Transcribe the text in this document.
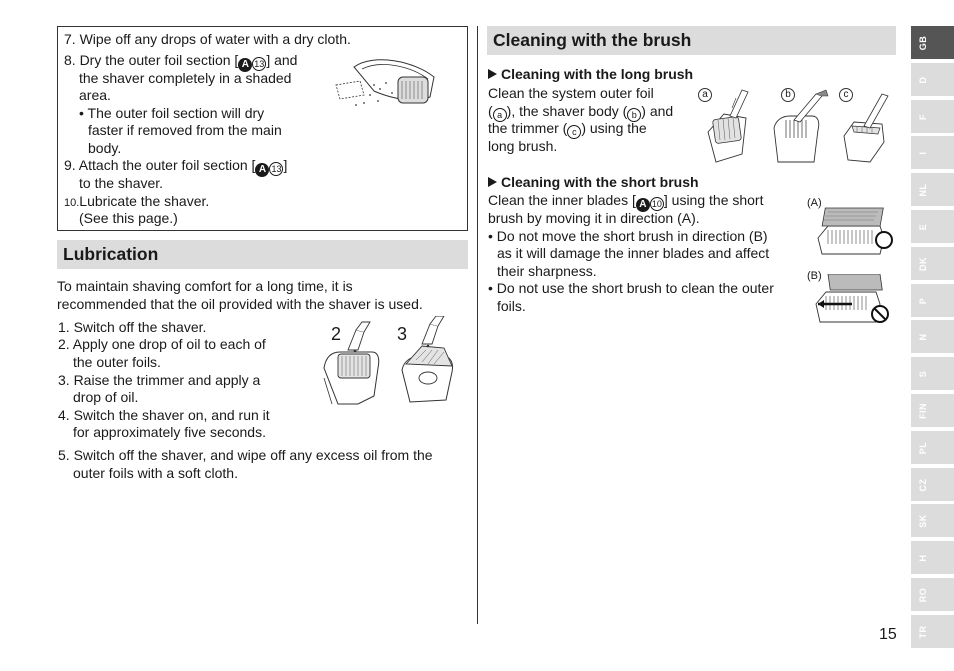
7. Wipe off any drops of water with a dry cloth.
8. Dry the outer foil section [ A 13 ] and
the shaver completely in a shaded
area.
• The outer foil section will dry
faster if removed from the main
body.
9. Attach the outer foil section [ A 13 ]
to the shaver.
10.Lubricate the shaver.
(See this page.)
Lubrication
To maintain shaving comfort for a long time, it is
recommended that the oil provided with the shaver is used.
1. Switch off the shaver.
2. Apply one drop of oil to each of
the outer foils.
3. Raise the trimmer and apply a
drop of oil.
4. Switch the shaver on, and run it
for approximately five seconds.
5. Switch off the shaver, and wipe off any excess oil from the
outer foils with a soft cloth.
2	3
Cleaning with the brush
Cleaning with the long brush
Clean the system outer foil
( a ), the shaver body ( b ) and
the trimmer ( c ) using the
long brush.
a	b	c
Cleaning with the short brush
Clean the inner blades [ A 10 ] using the short
brush by moving it in direction (A).
• Do not move the short brush in direction (B)
as it will damage the inner blades and affect
their sharpness.
• Do not use the short brush to clean the outer
foils.
(A)
(B)
GB
D
F
I
NL
E
DK
P
N
S
FIN
PL
CZ
SK
H
RO
TR
15
